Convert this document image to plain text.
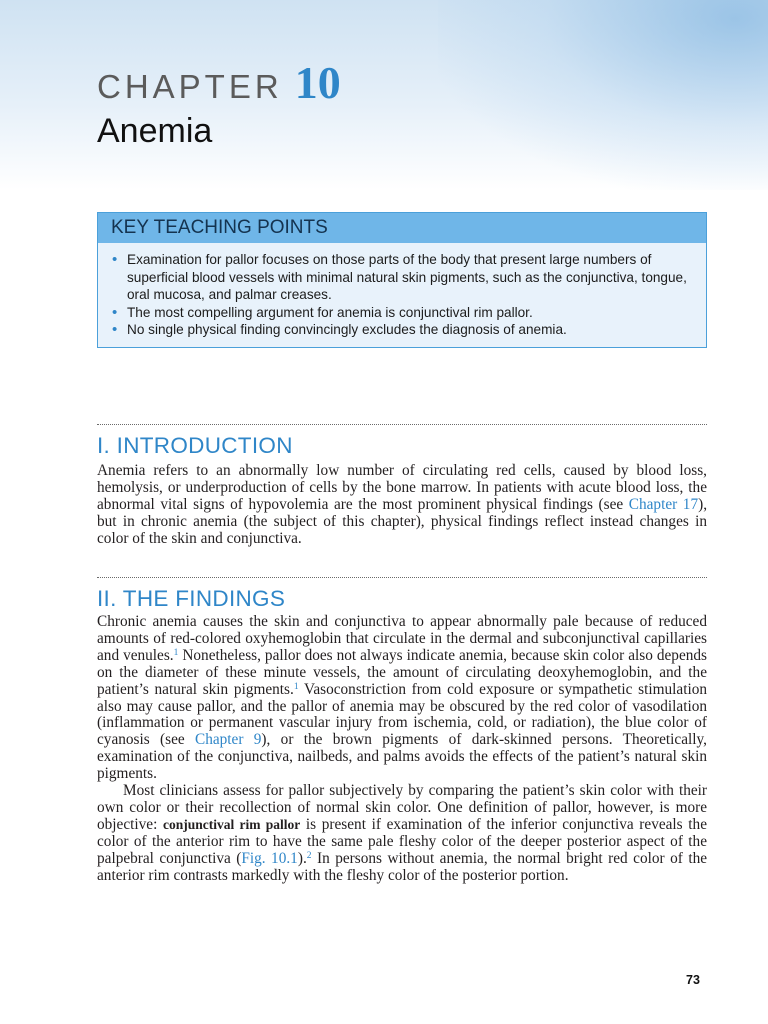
CHAPTER 10
Anemia
KEY TEACHING POINTS
• Examination for pallor focuses on those parts of the body that present large numbers of superficial blood vessels with minimal natural skin pigments, such as the conjunctiva, tongue, oral mucosa, and palmar creases.
• The most compelling argument for anemia is conjunctival rim pallor.
• No single physical finding convincingly excludes the diagnosis of anemia.
I. INTRODUCTION

Anemia refers to an abnormally low number of circulating red cells, caused by blood loss, hemolysis, or underproduction of cells by the bone marrow. In patients with acute blood loss, the abnormal vital signs of hypovolemia are the most prominent physical findings (see Chapter 17), but in chronic anemia (the subject of this chapter), physical findings reflect instead changes in color of the skin and conjunctiva.

II. THE FINDINGS

Chronic anemia causes the skin and conjunctiva to appear abnormally pale because of reduced amounts of red-colored oxyhemoglobin that circulate in the dermal and subconjunctival capillaries and venules.$^1$ Nonetheless, pallor does not always indicate anemia, because skin color also depends on the diameter of these minute vessels, the amount of circulating deoxyhemoglobin, and the patient’s natural skin pigments.$^1$ Vasoconstriction from cold exposure or sympathetic stimulation also may cause pallor, and the pallor of anemia may be obscured by the red color of vasodilation (inflammation or permanent vascular injury from ischemia, cold, or radiation), the blue color of cyanosis (see Chapter 9), or the brown pigments of dark-skinned persons. Theoretically, examination of the conjunctiva, nailbeds, and palms avoids the effects of the patient’s natural skin pigments.

Most clinicians assess for pallor subjectively by comparing the patient’s skin color with their own color or their recollection of normal skin color. One definition of pallor, however, is more objective: conjunctival rim pallor is present if examination of the inferior conjunctiva reveals the color of the anterior rim to have the same pale fleshy color of the deeper posterior aspect of the palpebral conjunctiva (Fig. 10.1).$^2$ In persons without anemia, the normal bright red color of the anterior rim contrasts markedly with the fleshy color of the posterior portion.

73
